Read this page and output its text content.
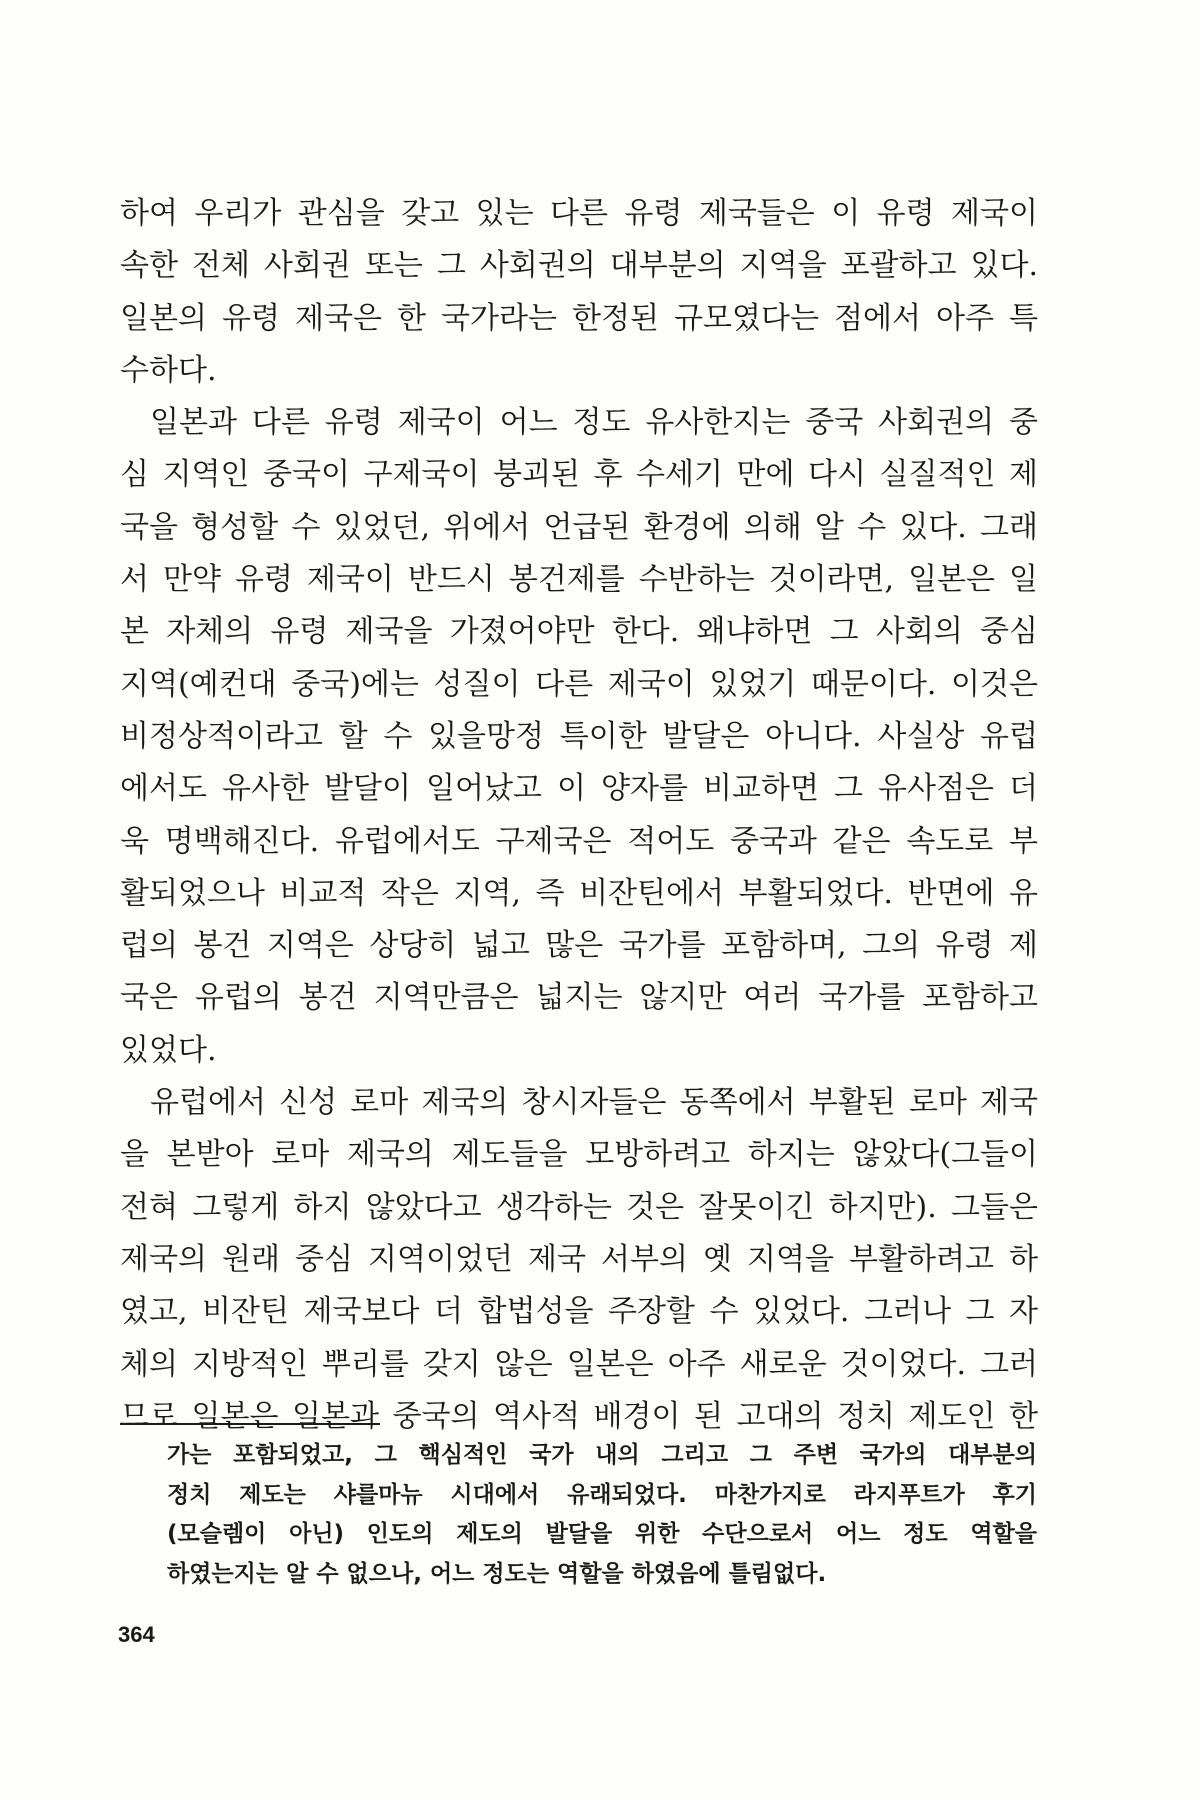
하여 우리가 관심을 갖고 있는 다른 유령 제국들은 이 유령 제국이
속한 전체 사회권 또는 그 사회권의 대부분의 지역을 포괄하고 있다.
일본의 유령 제국은 한 국가라는 한정된 규모였다는 점에서 아주 특
수하다.
일본과 다른 유령 제국이 어느 정도 유사한지는 중국 사회권의 중
심 지역인 중국이 구제국이 붕괴된 후 수세기 만에 다시 실질적인 제
국을 형성할 수 있었던, 위에서 언급된 환경에 의해 알 수 있다. 그래
서 만약 유령 제국이 반드시 봉건제를 수반하는 것이라면, 일본은 일
본 자체의 유령 제국을 가졌어야만 한다. 왜냐하면 그 사회의 중심
지역(예컨대 중국)에는 성질이 다른 제국이 있었기 때문이다. 이것은
비정상적이라고 할 수 있을망정 특이한 발달은 아니다. 사실상 유럽
에서도 유사한 발달이 일어났고 이 양자를 비교하면 그 유사점은 더
욱 명백해진다. 유럽에서도 구제국은 적어도 중국과 같은 속도로 부
활되었으나 비교적 작은 지역, 즉 비잔틴에서 부활되었다. 반면에 유
럽의 봉건 지역은 상당히 넓고 많은 국가를 포함하며, 그의 유령 제
국은 유럽의 봉건 지역만큼은 넓지는 않지만 여러 국가를 포함하고
있었다.
유럽에서 신성 로마 제국의 창시자들은 동쪽에서 부활된 로마 제국
을 본받아 로마 제국의 제도들을 모방하려고 하지는 않았다(그들이
전혀 그렇게 하지 않았다고 생각하는 것은 잘못이긴 하지만). 그들은
제국의 원래 중심 지역이었던 제국 서부의 옛 지역을 부활하려고 하
였고, 비잔틴 제국보다 더 합법성을 주장할 수 있었다. 그러나 그 자
체의 지방적인 뿌리를 갖지 않은 일본은 아주 새로운 것이었다. 그러
므로 일본은 일본과 중국의 역사적 배경이 된 고대의 정치 제도인 한
가는 포함되었고, 그 핵심적인 국가 내의 그리고 그 주변 국가의 대부분의
정치 제도는 샤를마뉴 시대에서 유래되었다. 마찬가지로 라지푸트가 후기
(모슬렘이 아닌) 인도의 제도의 발달을 위한 수단으로서 어느 정도 역할을
하였는지는 알 수 없으나, 어느 정도는 역할을 하였음에 틀림없다.
364
